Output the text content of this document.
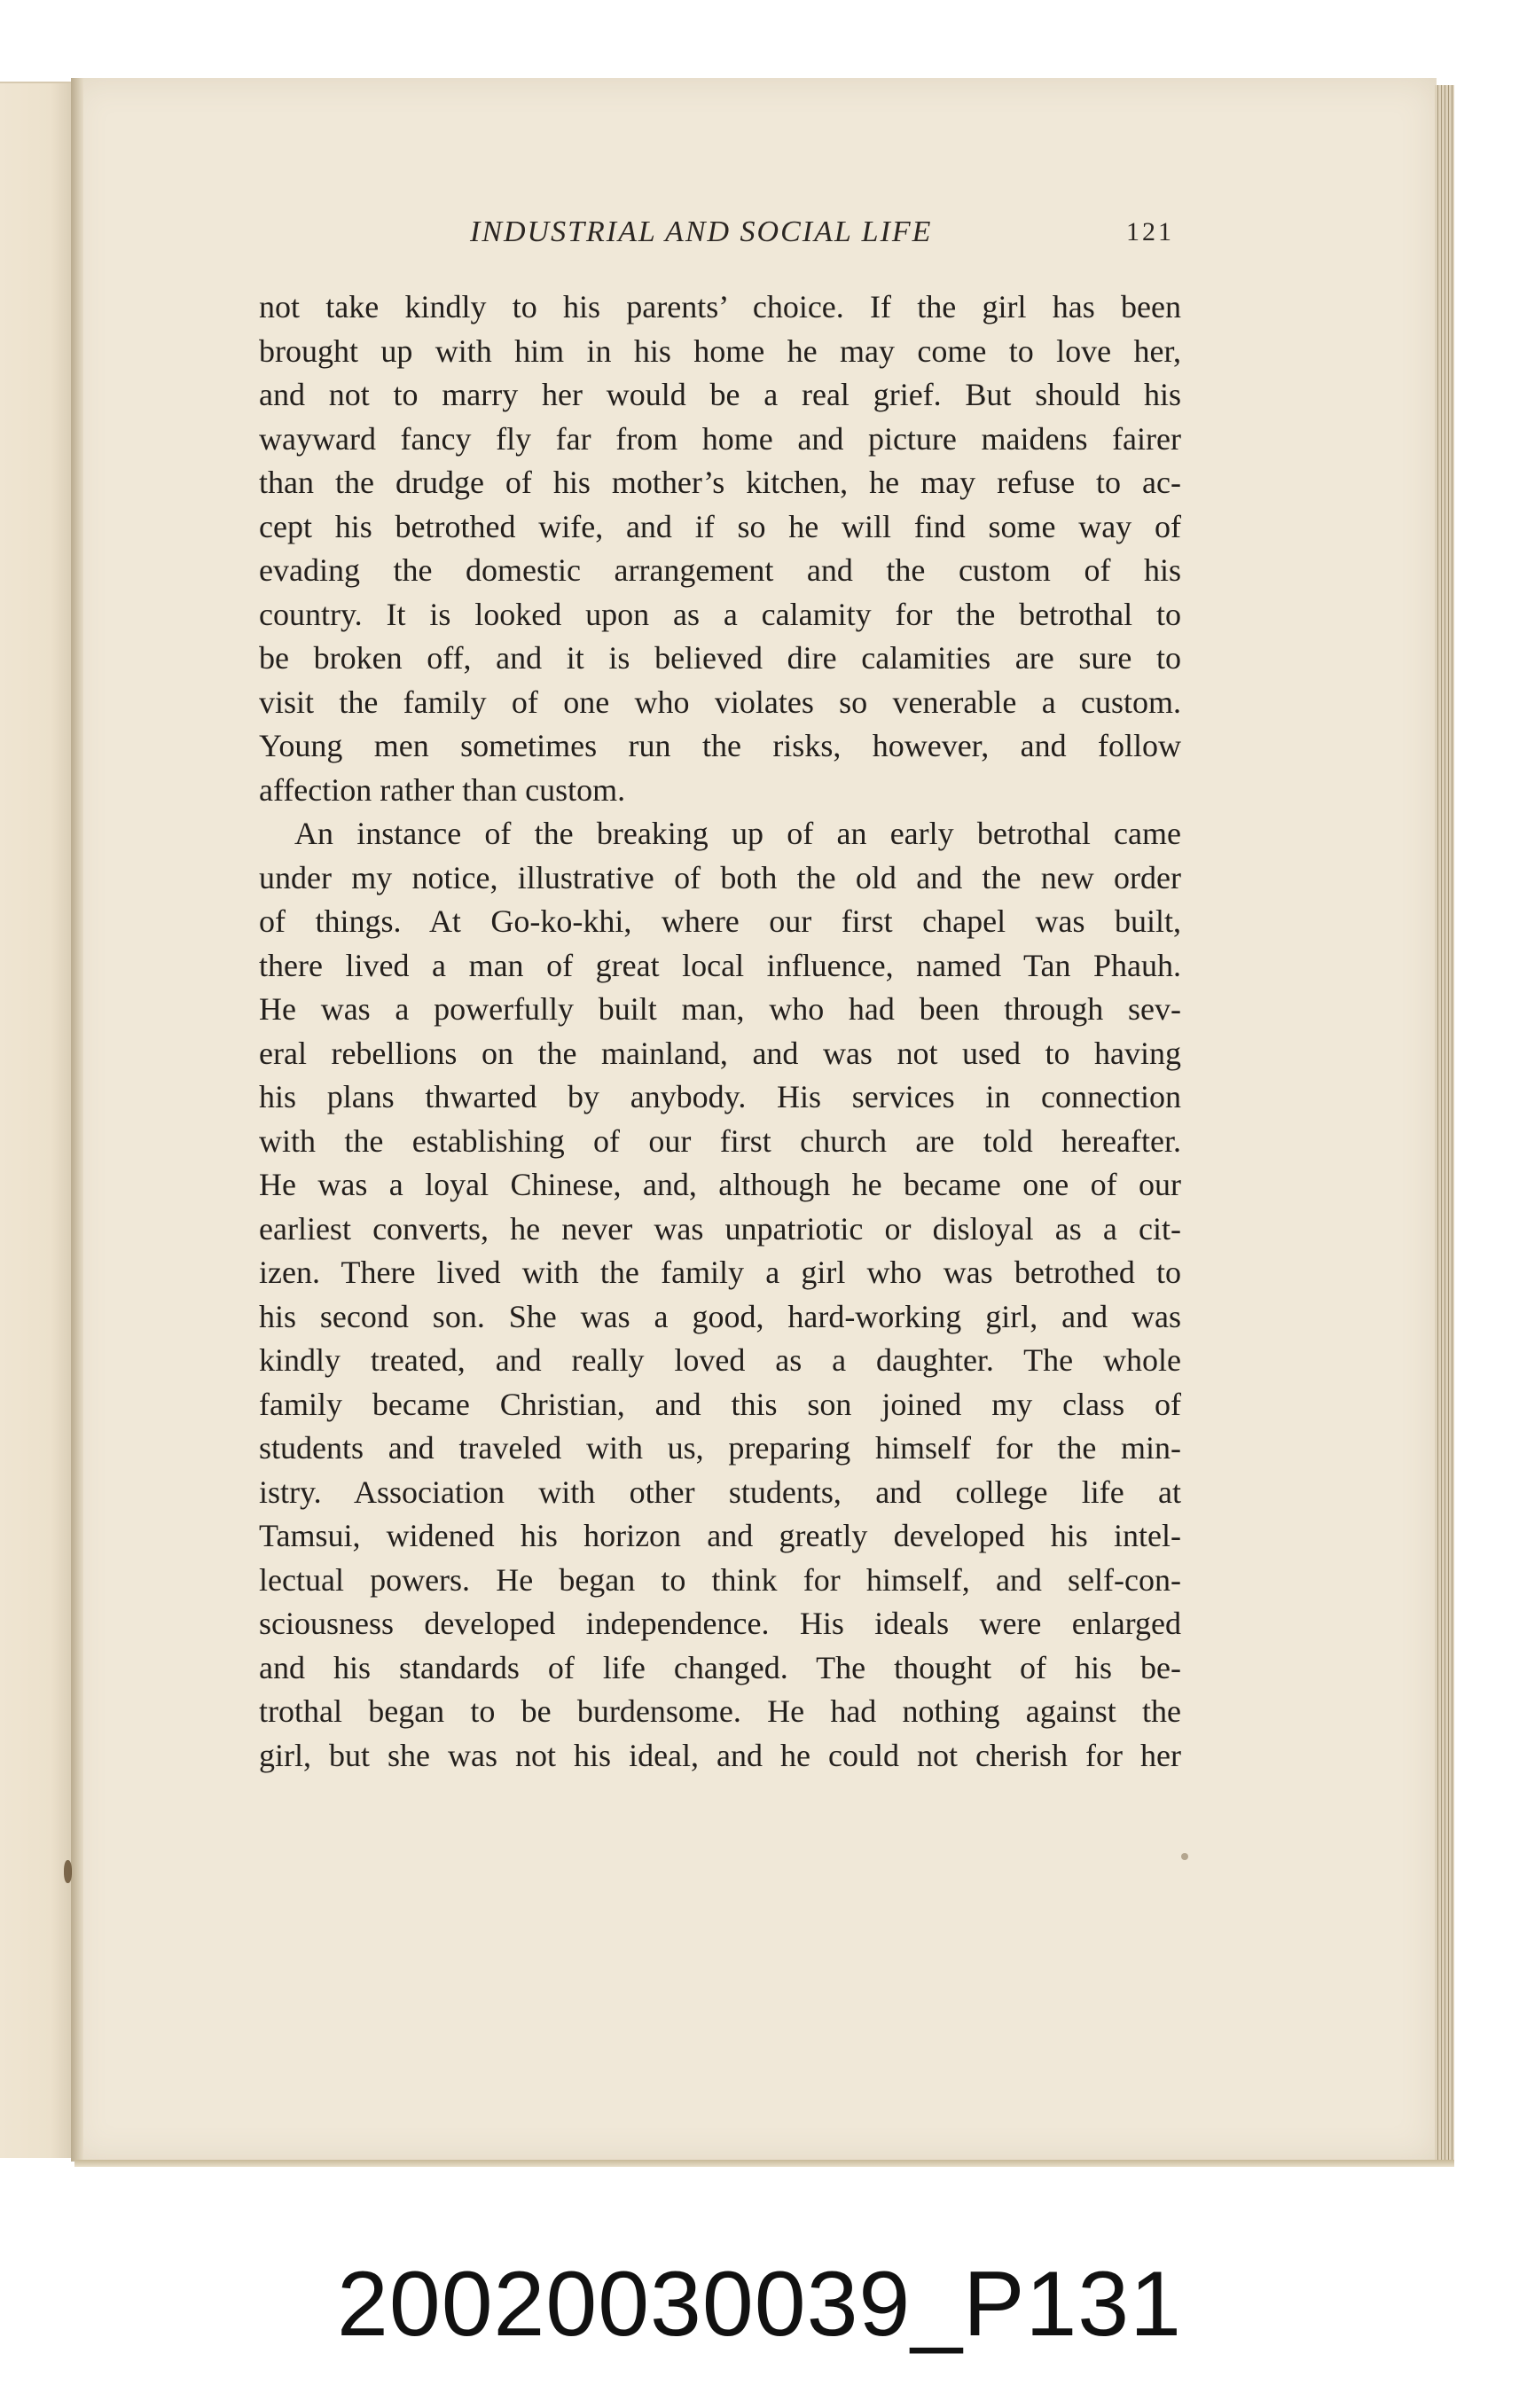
INDUSTRIAL AND SOCIAL LIFE	121
not take kindly to his parents’ choice. If the girl has been
brought up with him in his home he may come to love her,
and not to marry her would be a real grief. But should his
wayward fancy fly far from home and picture maidens fairer
than the drudge of his mother’s kitchen, he may refuse to ac-
cept his betrothed wife, and if so he will find some way of
evading the domestic arrangement and the custom of his
country. It is looked upon as a calamity for the betrothal to
be broken off, and it is believed dire calamities are sure to
visit the family of one who violates so venerable a custom.
Young men sometimes run the risks, however, and follow
affection rather than custom.
An instance of the breaking up of an early betrothal came
under my notice, illustrative of both the old and the new order
of things. At Go-ko-khi, where our first chapel was built,
there lived a man of great local influence, named Tan Phauh.
He was a powerfully built man, who had been through sev-
eral rebellions on the mainland, and was not used to having
his plans thwarted by anybody. His services in connection
with the establishing of our first church are told hereafter.
He was a loyal Chinese, and, although he became one of our
earliest converts, he never was unpatriotic or disloyal as a cit-
izen. There lived with the family a girl who was betrothed to
his second son. She was a good, hard-working girl, and was
kindly treated, and really loved as a daughter. The whole
family became Christian, and this son joined my class of
students and traveled with us, preparing himself for the min-
istry. Association with other students, and college life at
Tamsui, widened his horizon and greatly developed his intel-
lectual powers. He began to think for himself, and self-con-
sciousness developed independence. His ideals were enlarged
and his standards of life changed. The thought of his be-
trothal began to be burdensome. He had nothing against the
girl, but she was not his ideal, and he could not cherish for her
20020030039_P131
